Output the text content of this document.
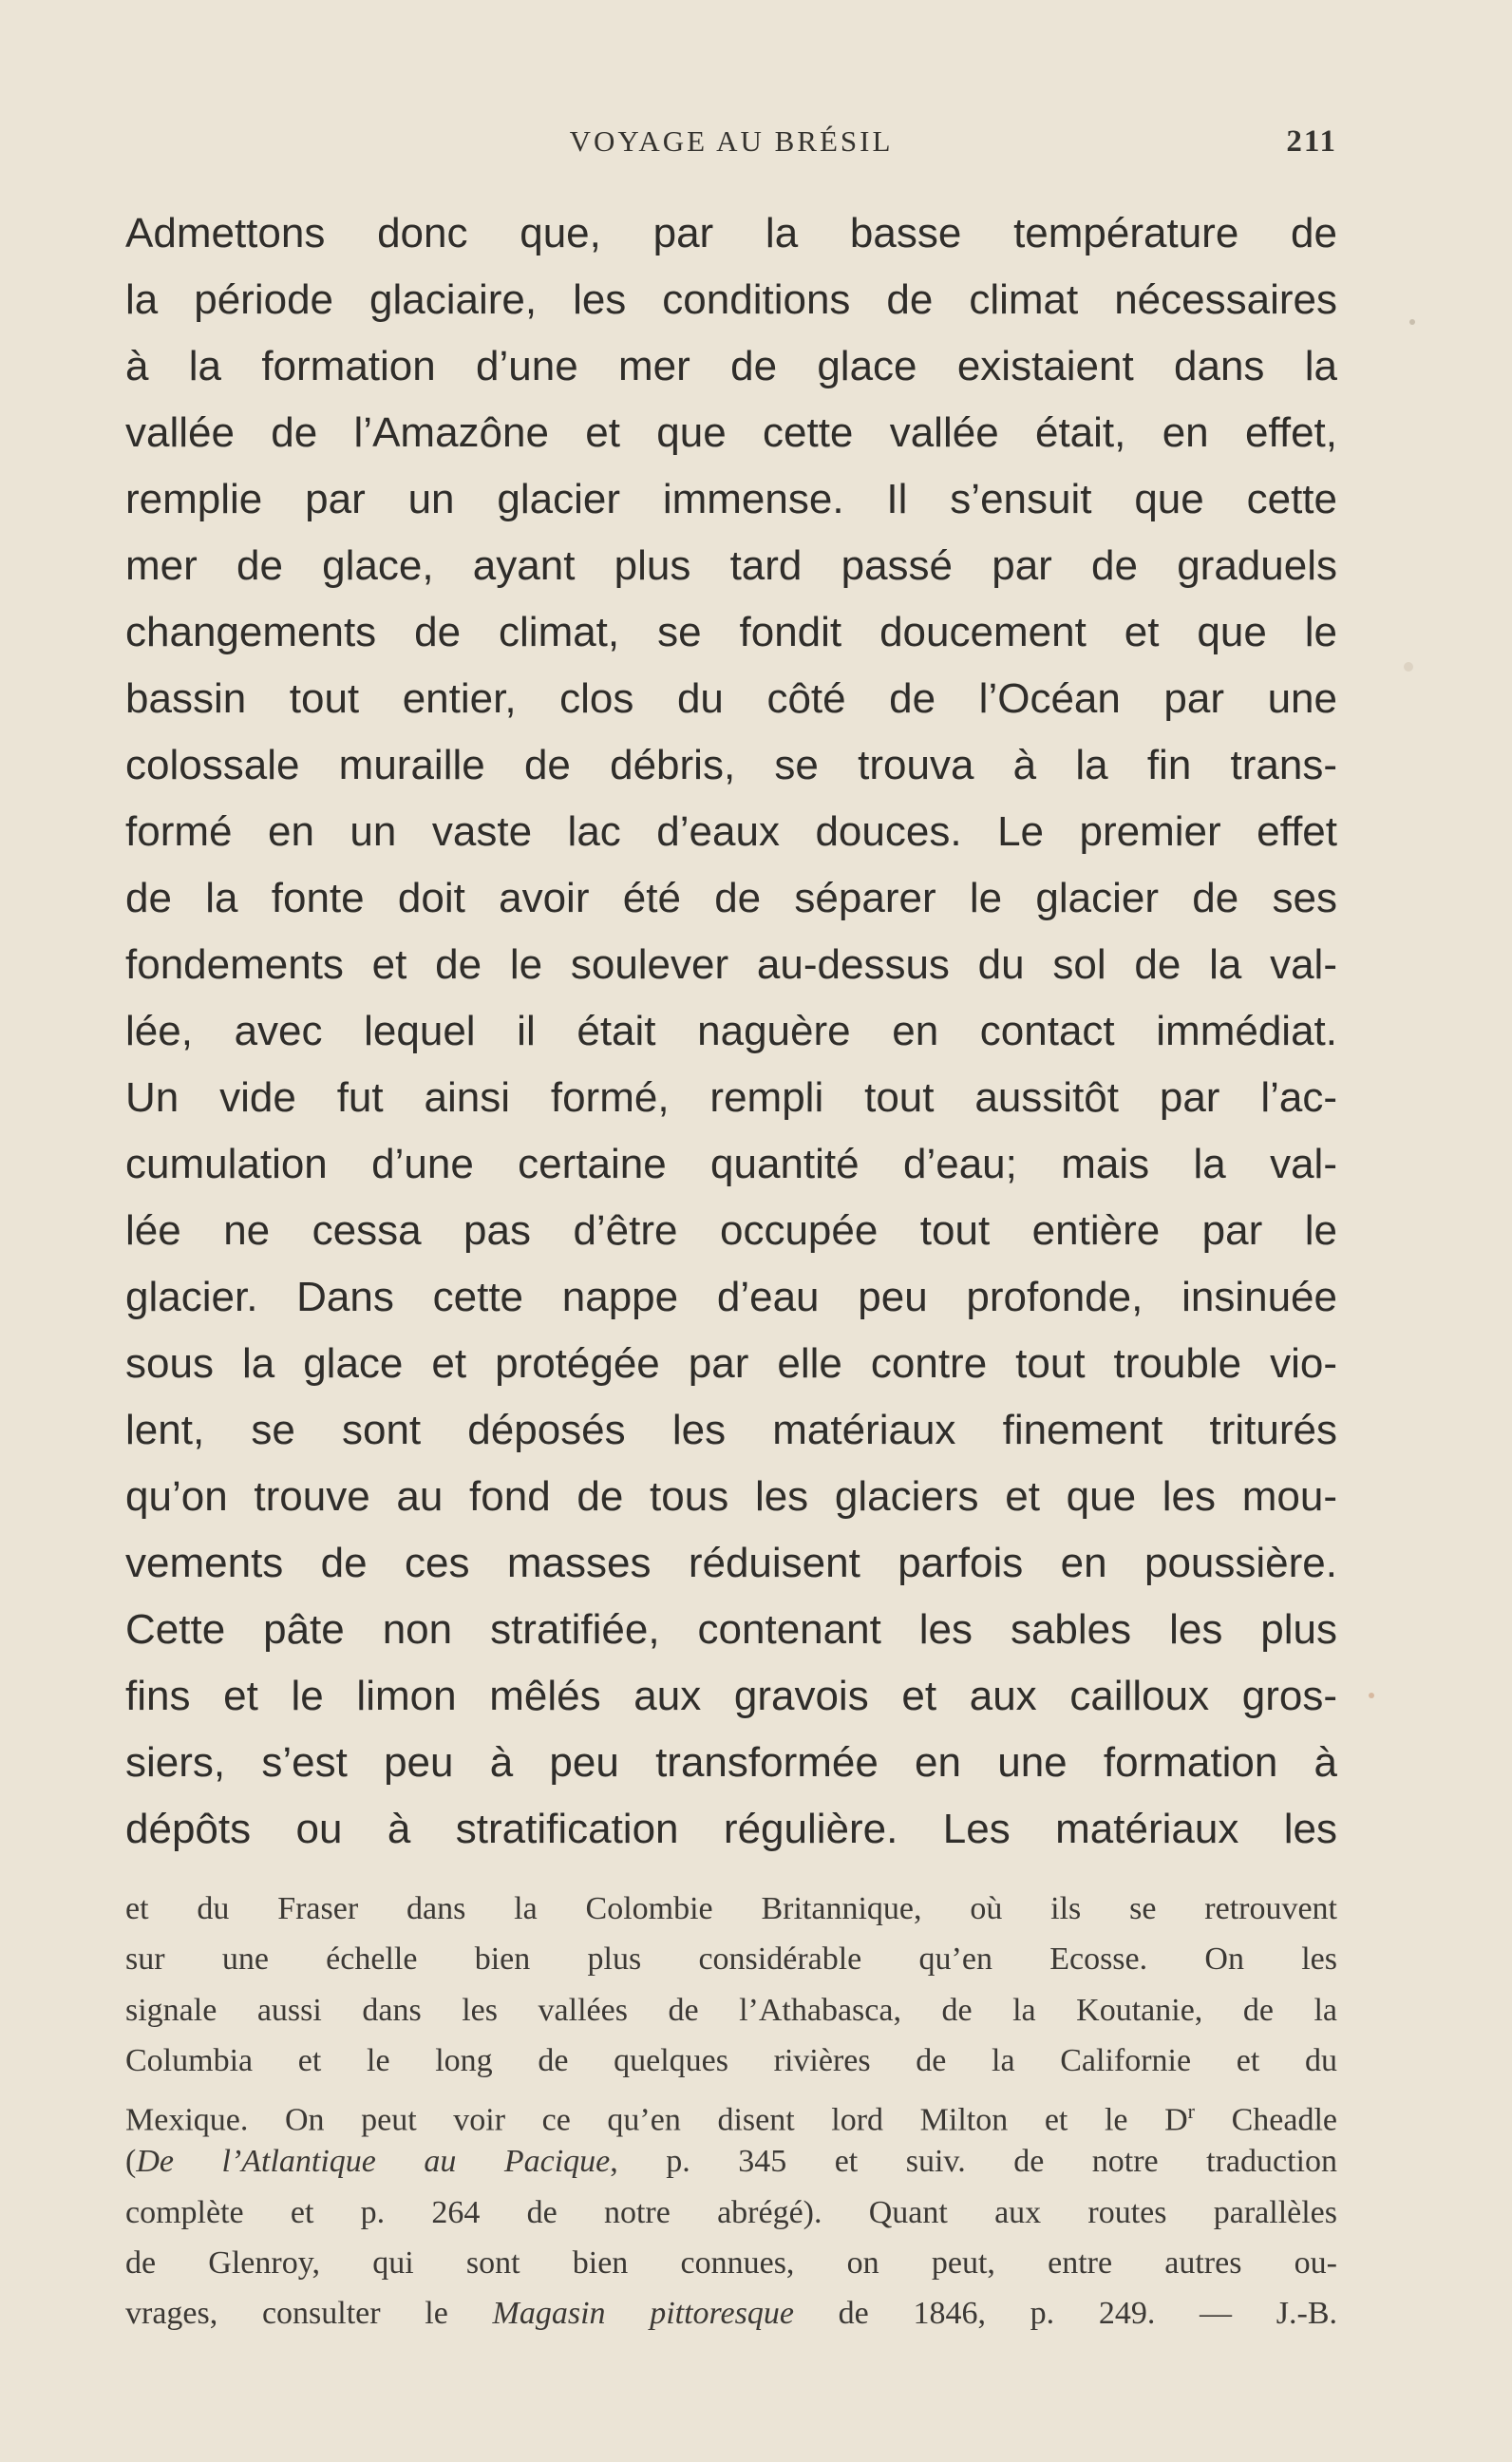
VOYAGE AU BRÉSIL	211
Admettons donc que, par la basse température de
la période glaciaire, les conditions de climat nécessaires
à la formation d’une mer de glace existaient dans la
vallée de l’Amazône et que cette vallée était, en effet,
remplie par un glacier immense. Il s’ensuit que cette
mer de glace, ayant plus tard passé par de graduels
changements de climat, se fondit doucement et que le
bassin tout entier, clos du côté de l’Océan par une
colossale muraille de débris, se trouva à la fin trans-
formé en un vaste lac d’eaux douces. Le premier effet
de la fonte doit avoir été de séparer le glacier de ses
fondements et de le soulever au-dessus du sol de la val-
lée, avec lequel il était naguère en contact immédiat.
Un vide fut ainsi formé, rempli tout aussitôt par l’ac-
cumulation d’une certaine quantité d’eau; mais la val-
lée ne cessa pas d’être occupée tout entière par le
glacier. Dans cette nappe d’eau peu profonde, insinuée
sous la glace et protégée par elle contre tout trouble vio-
lent, se sont déposés les matériaux finement triturés
qu’on trouve au fond de tous les glaciers et que les mou-
vements de ces masses réduisent parfois en poussière.
Cette pâte non stratifiée, contenant les sables les plus
fins et le limon mêlés aux gravois et aux cailloux gros-
siers, s’est peu à peu transformée en une formation à
dépôts ou à stratification régulière. Les matériaux les
et du Fraser dans la Colombie Britannique, où ils se retrouvent
sur une échelle bien plus considérable qu’en Ecosse. On les
signale aussi dans les vallées de l’Athabasca, de la Koutanie, de la
Columbia et le long de quelques rivières de la Californie et du
Mexique. On peut voir ce qu’en disent lord Milton et le $D^r$ Cheadle
(De l’Atlantique au Pacique, p. 345 et suiv. de notre traduction
complète et p. 264 de notre abrégé). Quant aux routes parallèles
de Glenroy, qui sont bien connues, on peut, entre autres ou-
vrages, consulter le Magasin pittoresque de 1846, p. 249. — J.-B.
